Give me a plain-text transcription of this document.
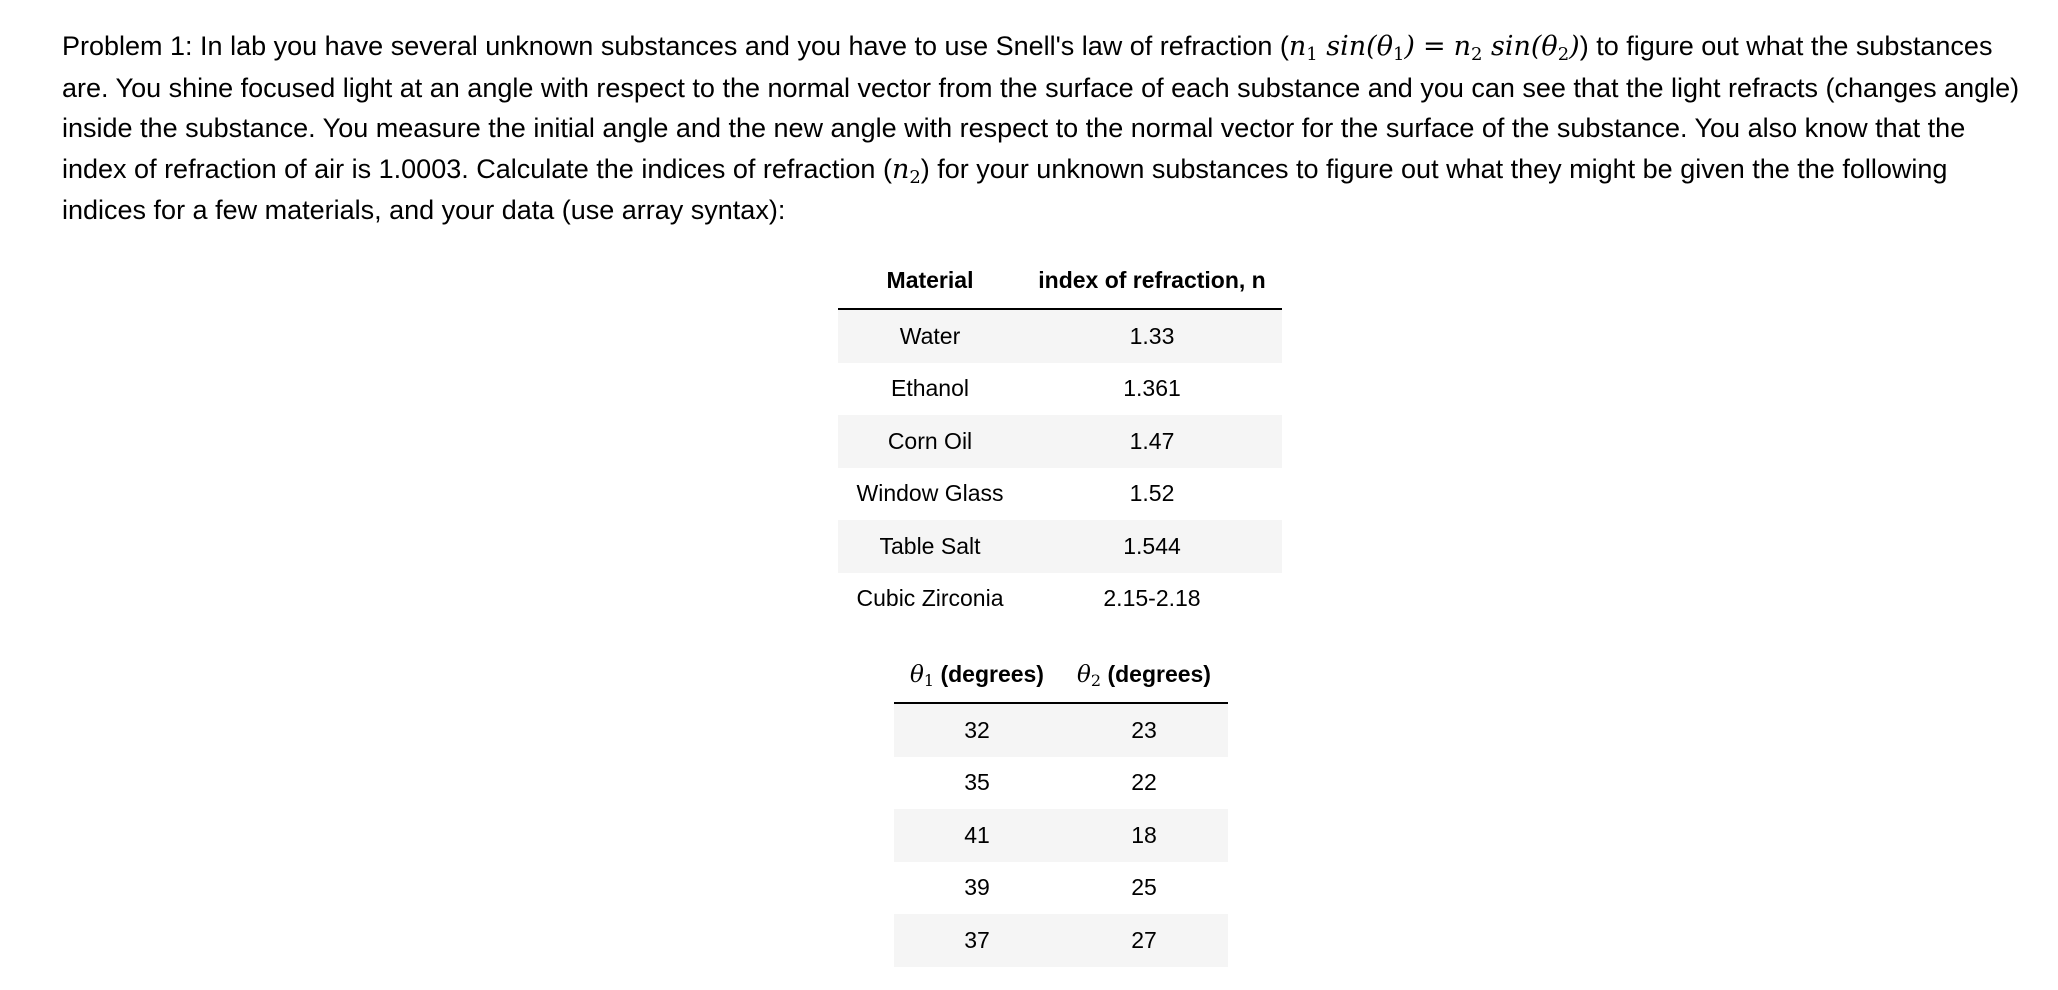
Problem 1: In lab you have several unknown substances and you have to use Snell's law of refraction ($n_1$ $\sin(\theta_1) = n_2$ $\sin(\theta_2)$) to figure out what the substances are. You shine focused light at an angle with respect to the normal vector from the surface of each substance and you can see that the light refracts (changes angle) inside the substance. You measure the initial angle and the new angle with respect to the normal vector for the surface of the substance. You also know that the index of refraction of air is 1.0003. Calculate the indices of refraction $(n_2)$ for your unknown substances to figure out what they might be given the the following indices for a few materials, and your data (use array syntax):

Material	index of refraction, n
Water	1.33
Ethanol	1.361
Corn Oil	1.47
Window Glass	1.52
Table Salt	1.544
Cubic Zirconia	2.15-2.18
$\theta_1$ (degrees)	$\theta_2$ (degrees)
32	23
35	22
41	18
39	25
37	27
